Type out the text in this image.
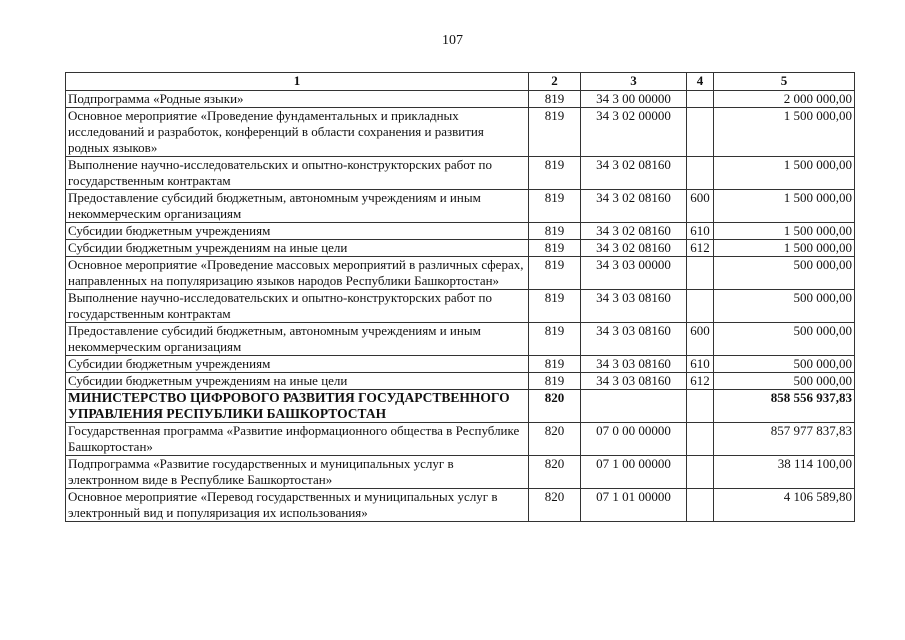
107
1	2	3	4	5
Подпрограмма «Родные языки»	819	34 3 00 00000		2 000 000,00
Основное мероприятие «Проведение фундаментальных и прикладных исследований и разработок, конференций в области сохранения и развития родных языков»	819	34 3 02 00000		1 500 000,00
Выполнение научно-исследовательских и опытно-конструкторских работ по государственным контрактам	819	34 3 02 08160		1 500 000,00
Предоставление субсидий бюджетным, автономным учреждениям и иным некоммерческим организациям	819	34 3 02 08160	600	1 500 000,00
Субсидии бюджетным учреждениям	819	34 3 02 08160	610	1 500 000,00
Субсидии бюджетным учреждениям на иные цели	819	34 3 02 08160	612	1 500 000,00
Основное мероприятие «Проведение массовых мероприятий в различных сферах, направленных на популяризацию языков народов Республики Башкортостан»	819	34 3 03 00000		500 000,00
Выполнение научно-исследовательских и опытно-конструкторских работ по государственным контрактам	819	34 3 03 08160		500 000,00
Предоставление субсидий бюджетным, автономным учреждениям и иным некоммерческим организациям	819	34 3 03 08160	600	500 000,00
Субсидии бюджетным учреждениям	819	34 3 03 08160	610	500 000,00
Субсидии бюджетным учреждениям на иные цели	819	34 3 03 08160	612	500 000,00
МИНИСТЕРСТВО ЦИФРОВОГО РАЗВИТИЯ ГОСУДАРСТВЕННОГО УПРАВЛЕНИЯ РЕСПУБЛИКИ БАШКОРТОСТАН	820			858 556 937,83
Государственная программа «Развитие информационного общества в Республике Башкортостан»	820	07 0 00 00000		857 977 837,83
Подпрограмма «Развитие государственных и муниципальных услуг в электронном виде в Республике Башкортостан»	820	07 1 00 00000		38 114 100,00
Основное мероприятие «Перевод государственных и муниципальных услуг в электронный вид и популяризация их использования»	820	07 1 01 00000		4 106 589,80
